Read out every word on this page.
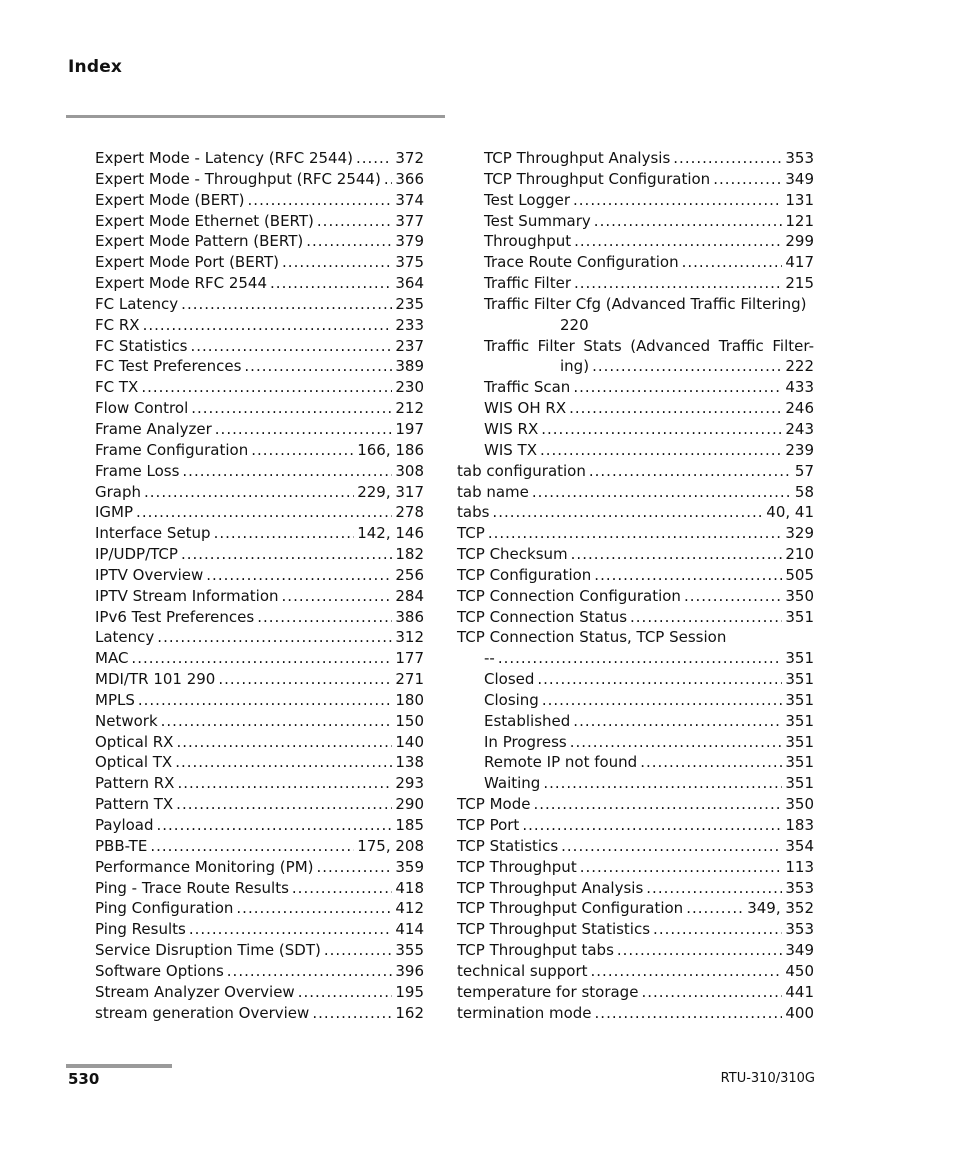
Index
Expert Mode - Latency (RFC 2544) .....	372
Expert Mode - Throughput (RFC 2544) ..... 366
Expert Mode (BERT) .....	374
Expert Mode Ethernet (BERT) .....	377
Expert Mode Pattern (BERT) .....	379
Expert Mode Port (BERT) .....	375
Expert Mode RFC 2544 .....	364
FC Latency .....	235
FC RX .....	233
FC Statistics .....	237
FC Test Preferences .....	389
FC TX .....	230
Flow Control .....	212
Frame Analyzer .....	197
Frame Configuration .....	166, 186
Frame Loss .....	308
Graph .....	229, 317
IGMP .....	278
Interface Setup .....	142, 146
IP/UDP/TCP .....	182
IPTV Overview .....	256
IPTV Stream Information .....	284
IPv6 Test Preferences .....	386
Latency .....	312
MAC .....	177
MDI/TR 101 290 .....	271
MPLS .....	180
Network .....	150
Optical RX .....	140
Optical TX .....	138
Pattern RX .....	293
Pattern TX .....	290
Payload .....	185
PBB-TE .....	175, 208
Performance Monitoring (PM) .....	359
Ping - Trace Route Results .....	418
Ping Configuration .....	412
Ping Results .....	414
Service Disruption Time (SDT) .....	355
Software Options .....	396
Stream Analyzer Overview .....	195
stream generation Overview .....	162
TCP Throughput Analysis .....	353
TCP Throughput Configuration .....	349
Test Logger .....	131
Test Summary .....	121
Throughput .....	299
Trace Route Configuration .....	417
Traffic Filter .....	215
Traffic Filter Cfg (Advanced Traffic Filtering)
220
Traffic Filter Stats (Advanced Traffic Filter-
ing) .....	222
Traffic Scan .....	433
WIS OH RX .....	246
WIS RX .....	243
WIS TX .....	239
tab configuration .....	57
tab name .....	58
tabs .....	40, 41
TCP .....	329
TCP Checksum .....	210
TCP Configuration .....	505
TCP Connection Configuration .....	350
TCP Connection Status .....	351
TCP Connection Status, TCP Session
-- .....	351
Closed .....	351
Closing .....	351
Established .....	351
In Progress .....	351
Remote IP not found .....	351
Waiting .....	351
TCP Mode .....	350
TCP Port .....	183
TCP Statistics .....	354
TCP Throughput .....	113
TCP Throughput Analysis .....	353
TCP Throughput Configuration .....	349, 352
TCP Throughput Statistics .....	353
TCP Throughput tabs .....	349
technical support .....	450
temperature for storage .....	441
termination mode .....	400
530	RTU-310/310G
